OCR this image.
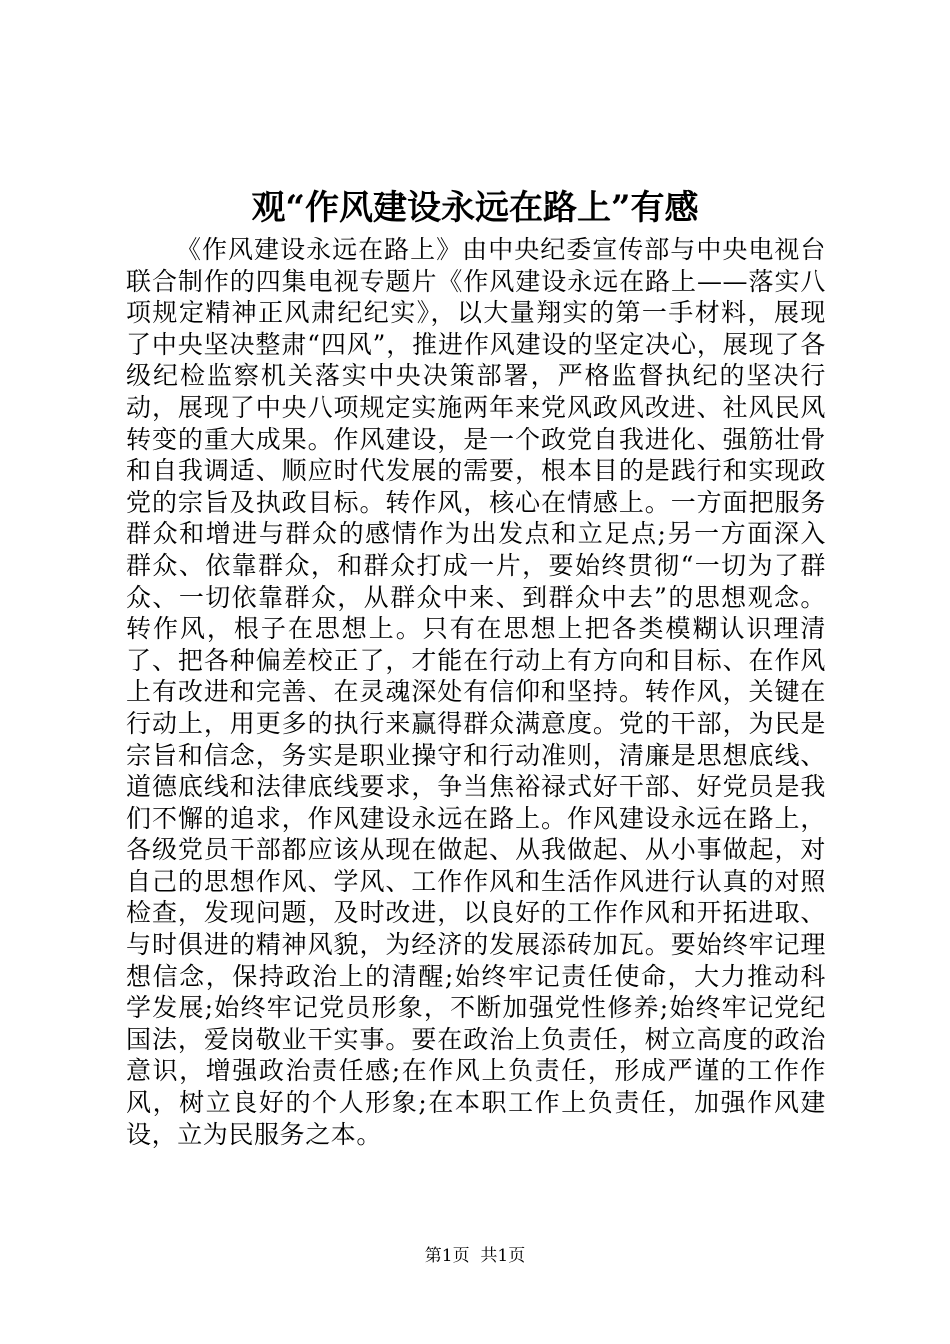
观“作风建设永远在路上”有感

《作风建设永远在路上》由中央纪委宣传部与中央电视台联合制作的四集电视专题片《作风建设永远在路上——落实八项规定精神正风肃纪纪实》，以大量翔实的第一手材料，展现了中央坚决整肃“四风”，推进作风建设的坚定决心，展现了各级纪检监察机关落实中央决策部署，严格监督执纪的坚决行动，展现了中央八项规定实施两年来党风政风改进、社风民风转变的重大成果。作风建设，是一个政党自我进化、强筋壮骨和自我调适、顺应时代发展的需要，根本目的是践行和实现政党的宗旨及执政目标。转作风，核心在情感上。一方面把服务群众和增进与群众的感情作为出发点和立足点;另一方面深入群众、依靠群众，和群众打成一片，要始终贯彻“一切为了群众、一切依靠群众，从群众中来、到群众中去”的思想观念。转作风，根子在思想上。只有在思想上把各类模糊认识理清了、把各种偏差校正了，才能在行动上有方向和目标、在作风上有改进和完善、在灵魂深处有信仰和坚持。转作风，关键在行动上，用更多的执行来赢得群众满意度。党的干部，为民是宗旨和信念，务实是职业操守和行动准则，清廉是思想底线、道德底线和法律底线要求，争当焦裕禄式好干部、好党员是我们不懈的追求，作风建设永远在路上。作风建设永远在路上，各级党员干部都应该从现在做起、从我做起、从小事做起，对自己的思想作风、学风、工作作风和生活作风进行认真的对照检查，发现问题，及时改进，以良好的工作作风和开拓进取、与时俱进的精神风貌，为经济的发展添砖加瓦。要始终牢记理想信念，保持政治上的清醒;始终牢记责任使命，大力推动科学发展;始终牢记党员形象，不断加强党性修养;始终牢记党纪国法，爱岗敬业干实事。要在政治上负责任，树立高度的政治意识，增强政治责任感;在作风上负责任，形成严谨的工作作风，树立良好的个人形象;在本职工作上负责任，加强作风建设，立为民服务之本。

第1页  共1页
